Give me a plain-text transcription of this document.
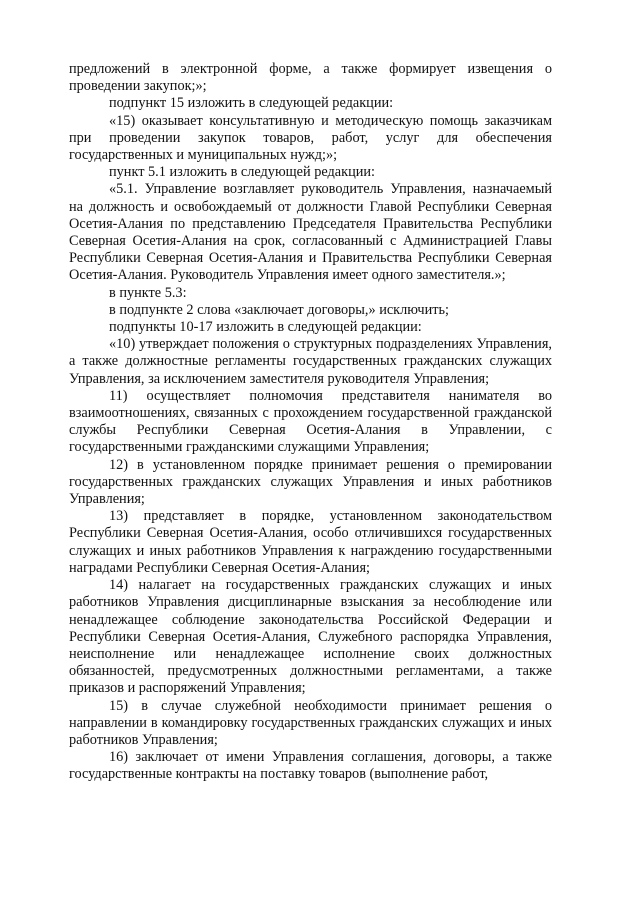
предложений в электронной форме, а также формирует извещения о проведении закупок;»;

подпункт 15 изложить в следующей редакции:

«15) оказывает консультативную и методическую помощь заказчикам при проведении закупок товаров, работ, услуг для обеспечения государственных и муниципальных нужд;»;

пункт 5.1 изложить в следующей редакции:

«5.1. Управление возглавляет руководитель Управления, назначаемый на должность и освобождаемый от должности Главой Республики Северная Осетия-Алания по представлению Председателя Правительства Республики Северная Осетия-Алания на срок, согласованный с Администрацией Главы Республики Северная Осетия-Алания и Правительства Республики Северная Осетия-Алания. Руководитель Управления имеет одного заместителя.»;

в пункте 5.3:

в подпункте 2 слова «заключает договоры,» исключить;

подпункты 10-17 изложить в следующей редакции:

«10) утверждает положения о структурных подразделениях Управления, а также должностные регламенты государственных гражданских служащих Управления, за исключением заместителя руководителя Управления;

11) осуществляет полномочия представителя нанимателя во взаимоотношениях, связанных с прохождением государственной гражданской службы Республики Северная Осетия-Алания в Управлении, с государственными гражданскими служащими Управления;

12) в установленном порядке принимает решения о премировании государственных гражданских служащих Управления и иных работников Управления;

13) представляет в порядке, установленном законодательством Республики Северная Осетия-Алания, особо отличившихся государственных служащих и иных работников Управления к награждению государственными наградами Республики Северная Осетия-Алания;

14) налагает на государственных гражданских служащих и иных работников Управления дисциплинарные взыскания за несоблюдение или ненадлежащее соблюдение законодательства Российской Федерации и Республики Северная Осетия-Алания, Служебного распорядка Управления, неисполнение или ненадлежащее исполнение своих должностных обязанностей, предусмотренных должностными регламентами, а также приказов и распоряжений Управления;

15) в случае служебной необходимости принимает решения о направлении в командировку государственных гражданских служащих и иных работников Управления;

16) заключает от имени Управления соглашения, договоры, а также государственные контракты на поставку товаров (выполнение работ,
